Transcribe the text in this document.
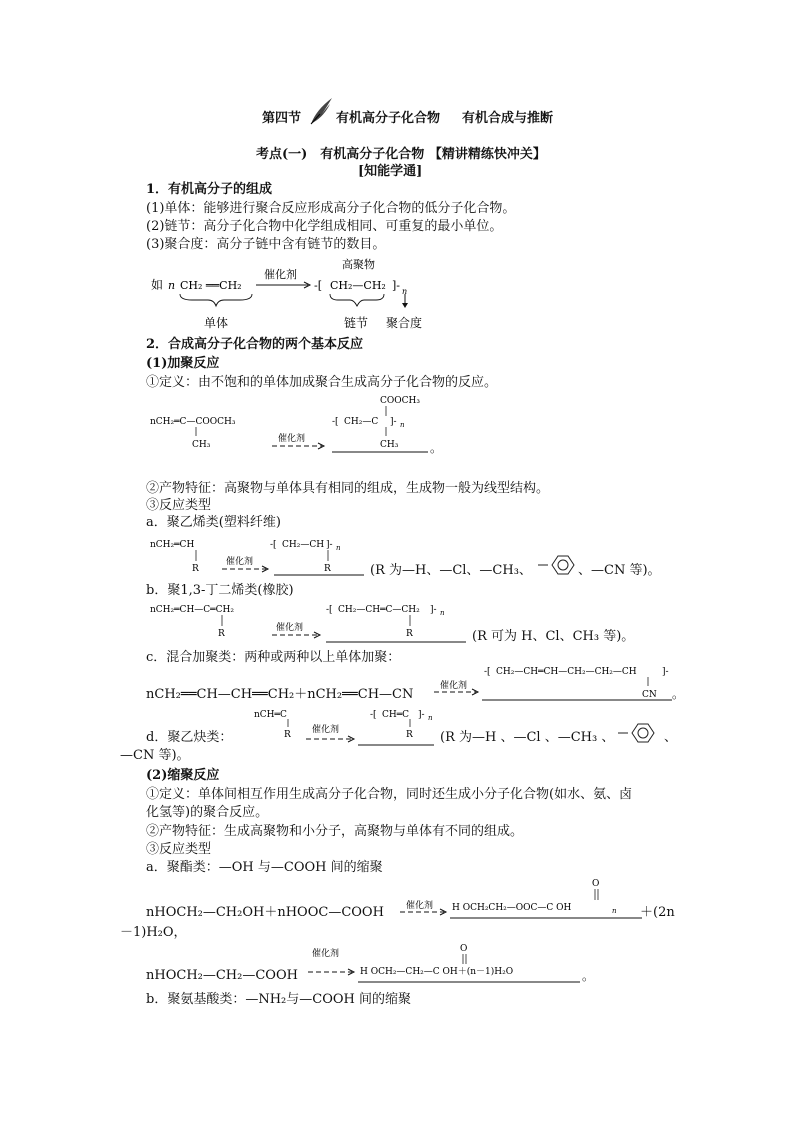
第四节	有机高分子化合物 有机合成与推断
考点(一)　有机高分子化合物 【精讲精练快冲关】
[知能学通]
1．有机高分子的组成
(1)单体：能够进行聚合反应形成高分子化合物的低分子化合物。
(2)链节：高分子化合物中化学组成相同、可重复的最小单位。
(3)聚合度：高分子链中含有链节的数目。
如 n CH₂ ══CH₂
催化剂
高聚物
-[ CH₂—CH₂ ]- n
单体	链节 聚合度
2．合成高分子化合物的两个基本反应
(1)加聚反应
①定义：由不饱和的单体加成聚合生成高分子化合物的反应。
nCH₂═C—COOCH₃
CH₃
COOCH₃
-[ CH₂—C ]- n
CH₃
催化剂
。
②产物特征：高聚物与单体具有相同的组成，生成物一般为线型结构。
③反应类型
a．聚乙烯类(塑料纤维)
nCH₂═CH
R
-[ CH₂—CH ]- n
R
催化剂
(R 为—H、—Cl、—CH₃、	、—CN 等)。
b．聚1,3-丁二烯类(橡胶)
nCH₂═CH—C═CH₂
R
-[ CH₂—CH═C—CH₂ ]- n
R
催化剂
(R 可为 H、Cl、CH₃ 等)。
c．混合加聚类：两种或两种以上单体加聚：
nCH₂══CH—CH══CH₂＋nCH₂══CH—CN
催化剂
-[ CH₂—CH═CH—CH₂—CH₂—CH	]-
CN 。
d．聚乙炔类：
nCH═C
R
-[ CH═C ]- n
R
催化剂	(R 为—H 、—Cl 、—CH₃ 、	、
—CN 等)。
(2)缩聚反应
①定义：单体间相互作用生成高分子化合物，同时还生成小分子化合物(如水、氨、卤
化氢等)的聚合反应。
②产物特征：生成高聚物和小分子，高聚物与单体有不同的组成。
③反应类型
a．聚酯类：—OH 与—COOH 间的缩聚
nHOCH₂—CH₂OH＋nHOOC—COOH 催化剂
O
H OCH₂CH₂—OOC—C OH	n ＋(2n
－1)H₂O，
nHOCH₂—CH₂—COOH
催化剂	O
H OCH₂—CH₂—C OH＋(n－1)H₂O	。
b．聚氨基酸类：—NH₂与—COOH 间的缩聚
